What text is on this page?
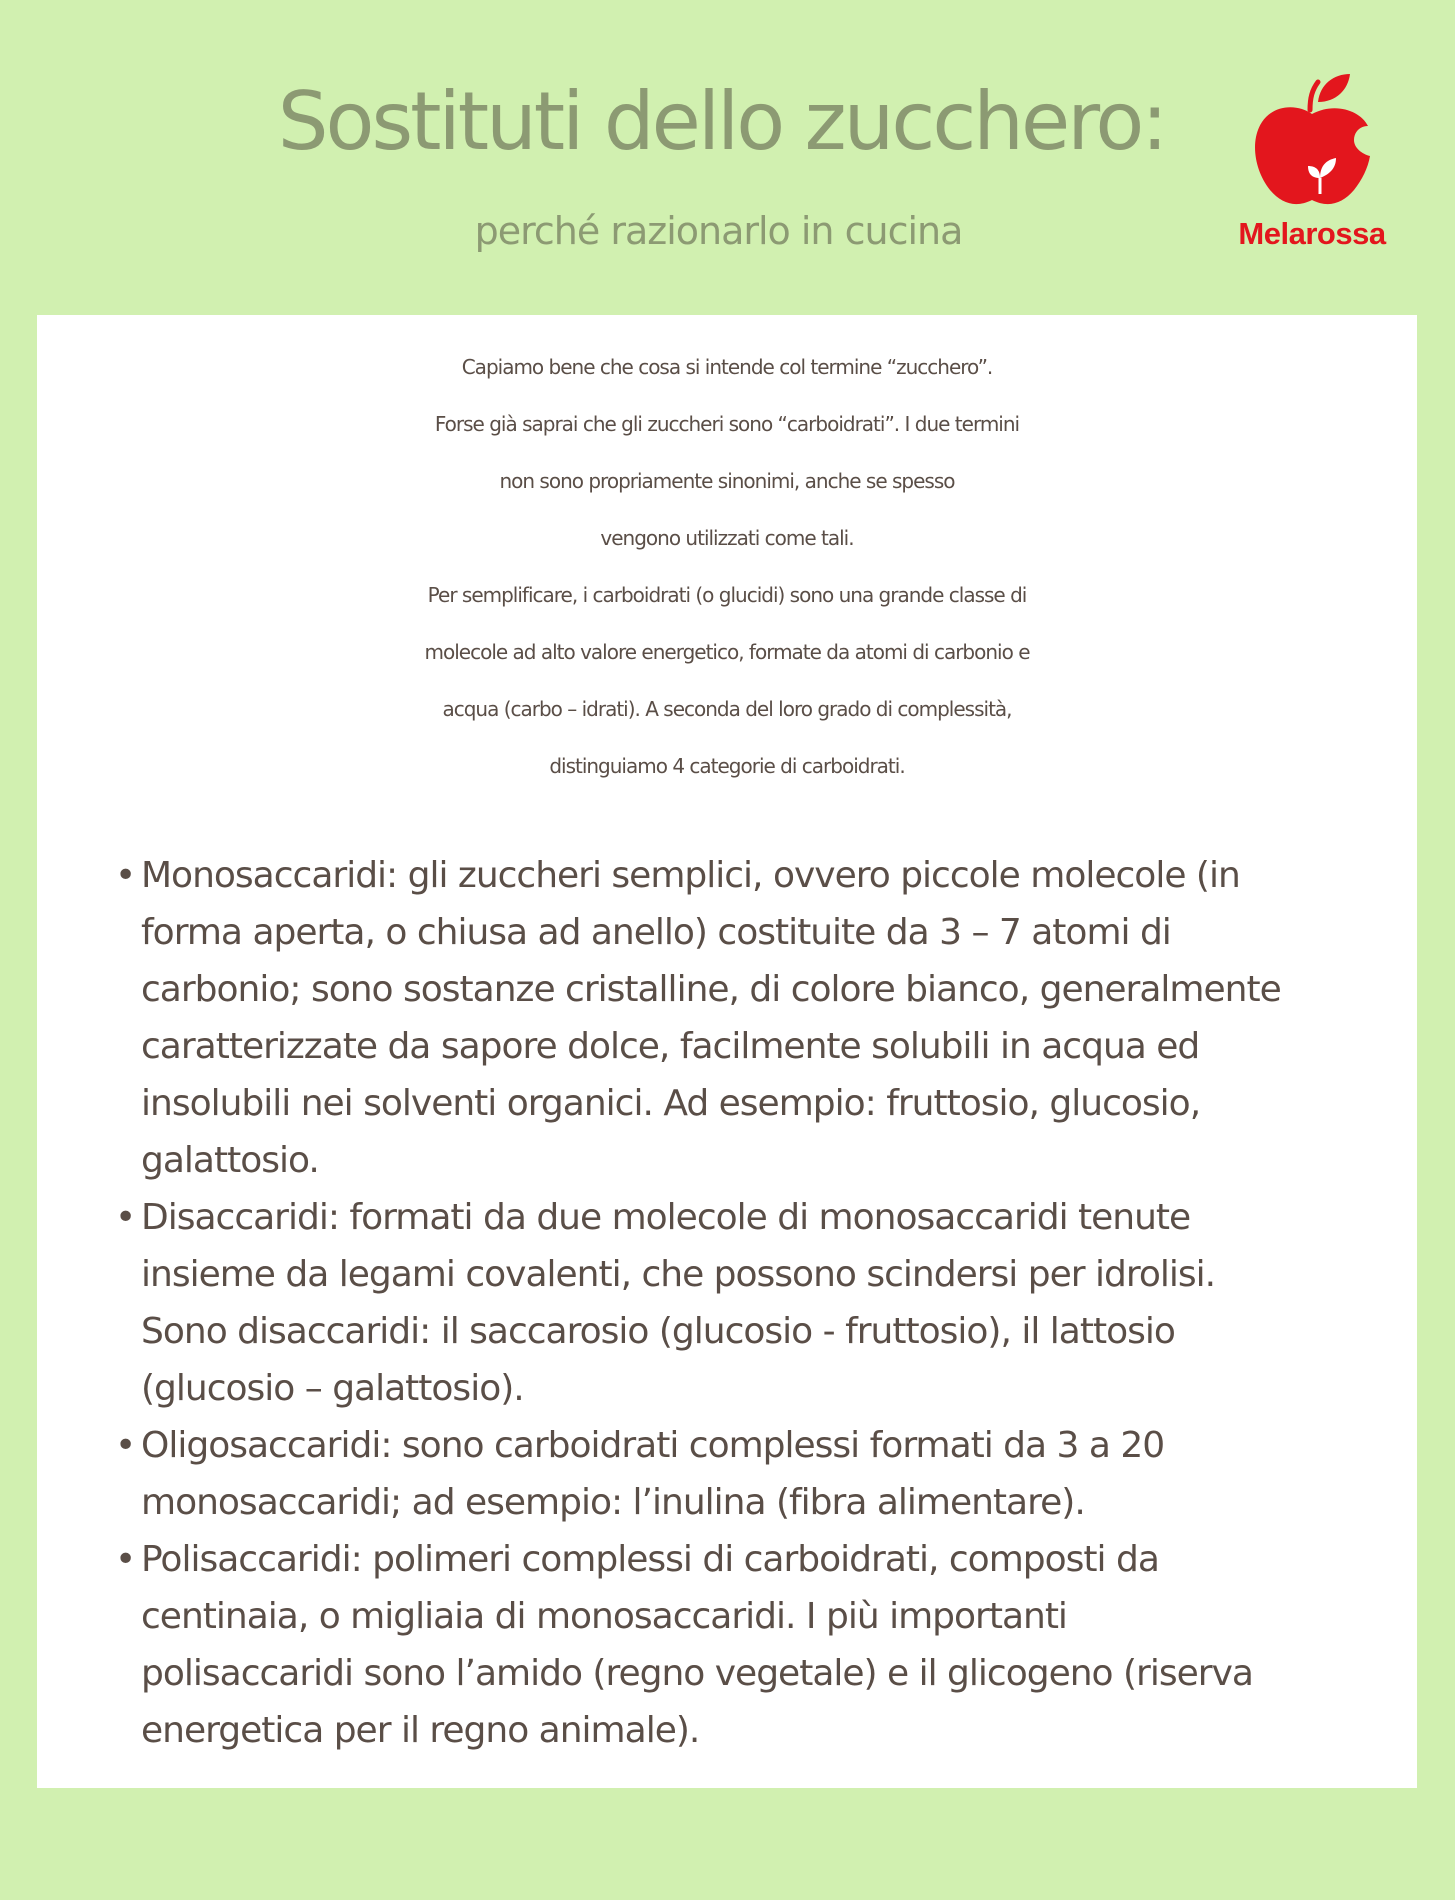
Sostituti dello zucchero:
perché razionarlo in cucina	Melarossa

Capiamo bene che cosa si intende col termine “zucchero”.
Forse già saprai che gli zuccheri sono “carboidrati”. I due termini
non sono propriamente sinonimi, anche se spesso
vengono utilizzati come tali.
Per semplificare, i carboidrati (o glucidi) sono una grande classe di
molecole ad alto valore energetico, formate da atomi di carbonio e
acqua (carbo – idrati). A seconda del loro grado di complessità,
distinguiamo 4 categorie di carboidrati.

• Monosaccaridi: gli zuccheri semplici, ovvero piccole molecole (in
forma aperta, o chiusa ad anello) costituite da 3 – 7 atomi di
carbonio; sono sostanze cristalline, di colore bianco, generalmente
caratterizzate da sapore dolce, facilmente solubili in acqua ed
insolubili nei solventi organici. Ad esempio: fruttosio, glucosio,
galattosio.
• Disaccaridi: formati da due molecole di monosaccaridi tenute
insieme da legami covalenti, che possono scindersi per idrolisi.
Sono disaccaridi: il saccarosio (glucosio - fruttosio), il lattosio
(glucosio – galattosio).
• Oligosaccaridi: sono carboidrati complessi formati da 3 a 20
monosaccaridi; ad esempio: l’inulina (fibra alimentare).
• Polisaccaridi: polimeri complessi di carboidrati, composti da
centinaia, o migliaia di monosaccaridi. I più importanti
polisaccaridi sono l’amido (regno vegetale) e il glicogeno (riserva
energetica per il regno animale).
